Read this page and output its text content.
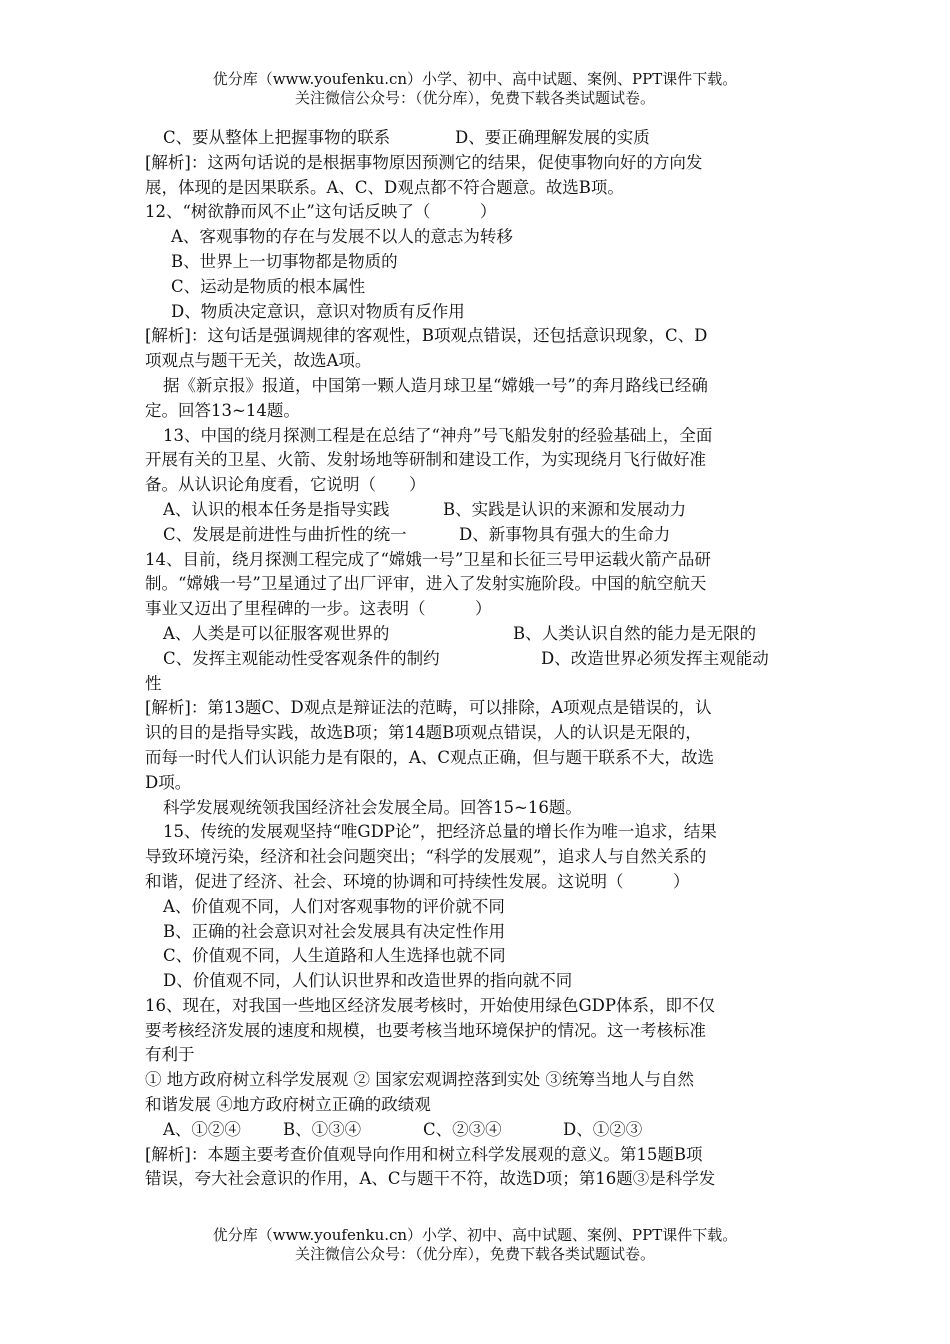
优分库（www.youfenku.cn）小学、初中、高中试题、案例、PPT课件下载。
关注微信公众号：（优分库），免费下载各类试题试卷。
C、要从整体上把握事物的联系	D、要正确理解发展的实质
[解析]：这两句话说的是根据事物原因预测它的结果，促使事物向好的方向发
展，体现的是因果联系。A、C、D观点都不符合题意。故选B项。
12、“树欲静而风不止”这句话反映了（　　　）
A、客观事物的存在与发展不以人的意志为转移
B、世界上一切事物都是物质的
C、运动是物质的根本属性
D、物质决定意识，意识对物质有反作用
[解析]：这句话是强调规律的客观性，B项观点错误，还包括意识现象，C、D
项观点与题干无关，故选A项。
据《新京报》报道，中国第一颗人造月球卫星“嫦娥一号”的奔月路线已经确
定。回答13~14题。
13、中国的绕月探测工程是在总结了“神舟”号飞船发射的经验基础上，全面
开展有关的卫星、火箭、发射场地等研制和建设工作，为实现绕月飞行做好准
备。从认识论角度看，它说明（　　）
A、认识的根本任务是指导实践	B、实践是认识的来源和发展动力
C、发展是前进性与曲折性的统一	D、新事物具有强大的生命力
14、目前，绕月探测工程完成了“嫦娥一号”卫星和长征三号甲运载火箭产品研
制。“嫦娥一号”卫星通过了出厂评审，进入了发射实施阶段。中国的航空航天
事业又迈出了里程碑的一步。这表明（　　　）
A、人类是可以征服客观世界的	B、人类认识自然的能力是无限的
C、发挥主观能动性受客观条件的制约	D、改造世界必须发挥主观能动
性
[解析]：第13题C、D观点是辩证法的范畴，可以排除，A项观点是错误的，认
识的目的是指导实践，故选B项；第14题B项观点错误，人的认识是无限的，
而每一时代人们认识能力是有限的，A、C观点正确，但与题干联系不大，故选
D项。
科学发展观统领我国经济社会发展全局。回答15~16题。
15、传统的发展观坚持“唯GDP论”，把经济总量的增长作为唯一追求，结果
导致环境污染，经济和社会问题突出；“科学的发展观”，追求人与自然关系的
和谐，促进了经济、社会、环境的协调和可持续性发展。这说明（　　　）
A、价值观不同，人们对客观事物的评价就不同
B、正确的社会意识对社会发展具有决定性作用
C、价值观不同，人生道路和人生选择也就不同
D、价值观不同，人们认识世界和改造世界的指向就不同
16、现在，对我国一些地区经济发展考核时，开始使用绿色GDP体系，即不仅
要考核经济发展的速度和规模，也要考核当地环境保护的情况。这一考核标准
有利于
① 地方政府树立科学发展观 ② 国家宏观调控落到实处 ③统筹当地人与自然
和谐发展 ④地方政府树立正确的政绩观
A、①②④	B、①③④	C、②③④	D、①②③
[解析]：本题主要考查价值观导向作用和树立科学发展观的意义。第15题B项
错误，夸大社会意识的作用，A、C与题干不符，故选D项；第16题③是科学发
优分库（www.youfenku.cn）小学、初中、高中试题、案例、PPT课件下载。
关注微信公众号：（优分库），免费下载各类试题试卷。
